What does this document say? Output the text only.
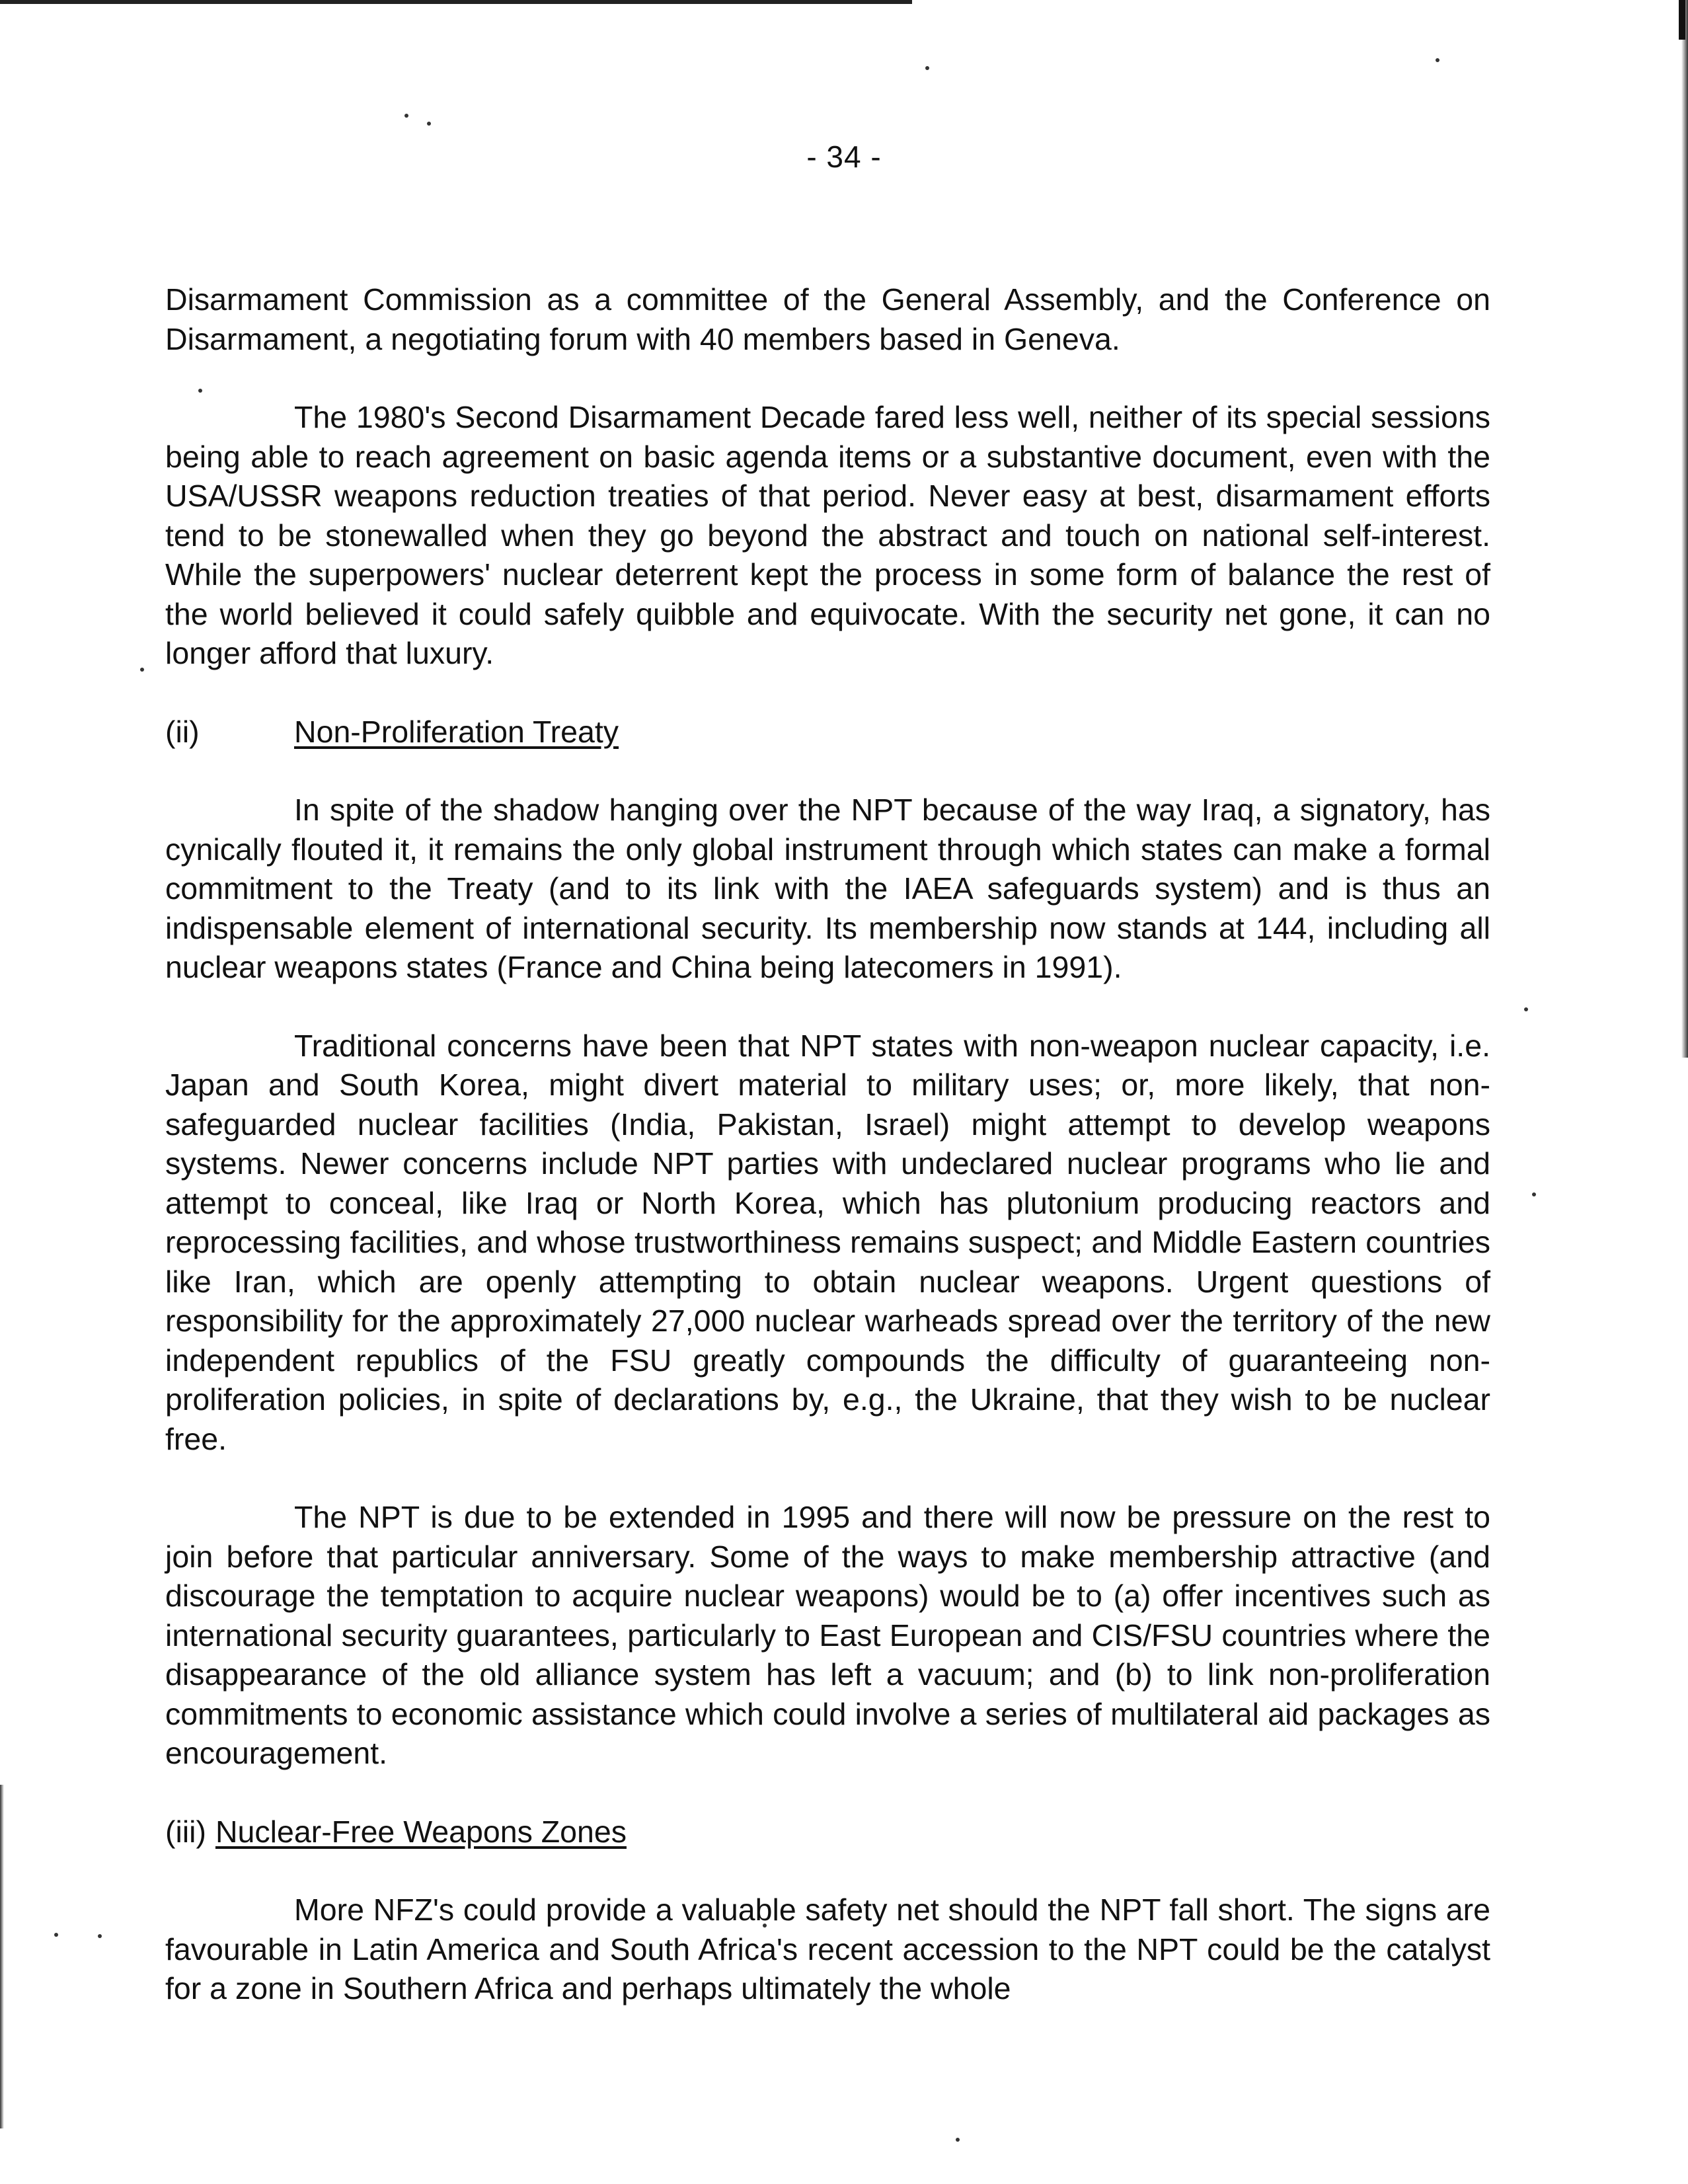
- 34 -

Disarmament Commission as a committee of the General Assembly, and the Conference on Disarmament, a negotiating forum with 40 members based in Geneva.

The 1980's Second Disarmament Decade fared less well, neither of its special sessions being able to reach agreement on basic agenda items or a substantive document, even with the USA/USSR weapons reduction treaties of that period. Never easy at best, disarmament efforts tend to be stonewalled when they go beyond the abstract and touch on national self-interest. While the superpowers' nuclear deterrent kept the process in some form of balance the rest of the world believed it could safely quibble and equivocate. With the security net gone, it can no longer afford that luxury.

(ii)	Non-Proliferation Treaty

In spite of the shadow hanging over the NPT because of the way Iraq, a signatory, has cynically flouted it, it remains the only global instrument through which states can make a formal commitment to the Treaty (and to its link with the IAEA safeguards system) and is thus an indispensable element of international security. Its membership now stands at 144, including all nuclear weapons states (France and China being latecomers in 1991).

Traditional concerns have been that NPT states with non-weapon nuclear capacity, i.e. Japan and South Korea, might divert material to military uses; or, more likely, that non-safeguarded nuclear facilities (India, Pakistan, Israel) might attempt to develop weapons systems. Newer concerns include NPT parties with undeclared nuclear programs who lie and attempt to conceal, like Iraq or North Korea, which has plutonium producing reactors and reprocessing facilities, and whose trustworthiness remains suspect; and Middle Eastern countries like Iran, which are openly attempting to obtain nuclear weapons. Urgent questions of responsibility for the approximately 27,000 nuclear warheads spread over the territory of the new independent republics of the FSU greatly compounds the difficulty of guaranteeing non-proliferation policies, in spite of declarations by, e.g., the Ukraine, that they wish to be nuclear free.

The NPT is due to be extended in 1995 and there will now be pressure on the rest to join before that particular anniversary. Some of the ways to make membership attractive (and discourage the temptation to acquire nuclear weapons) would be to (a) offer incentives such as international security guarantees, particularly to East European and CIS/FSU countries where the disappearance of the old alliance system has left a vacuum; and (b) to link non-proliferation commitments to economic assistance which could involve a series of multilateral aid packages as encouragement.

(iii) Nuclear-Free Weapons Zones

More NFZ's could provide a valuable safety net should the NPT fall short. The signs are favourable in Latin America and South Africa's recent accession to the NPT could be the catalyst for a zone in Southern Africa and perhaps ultimately the whole
